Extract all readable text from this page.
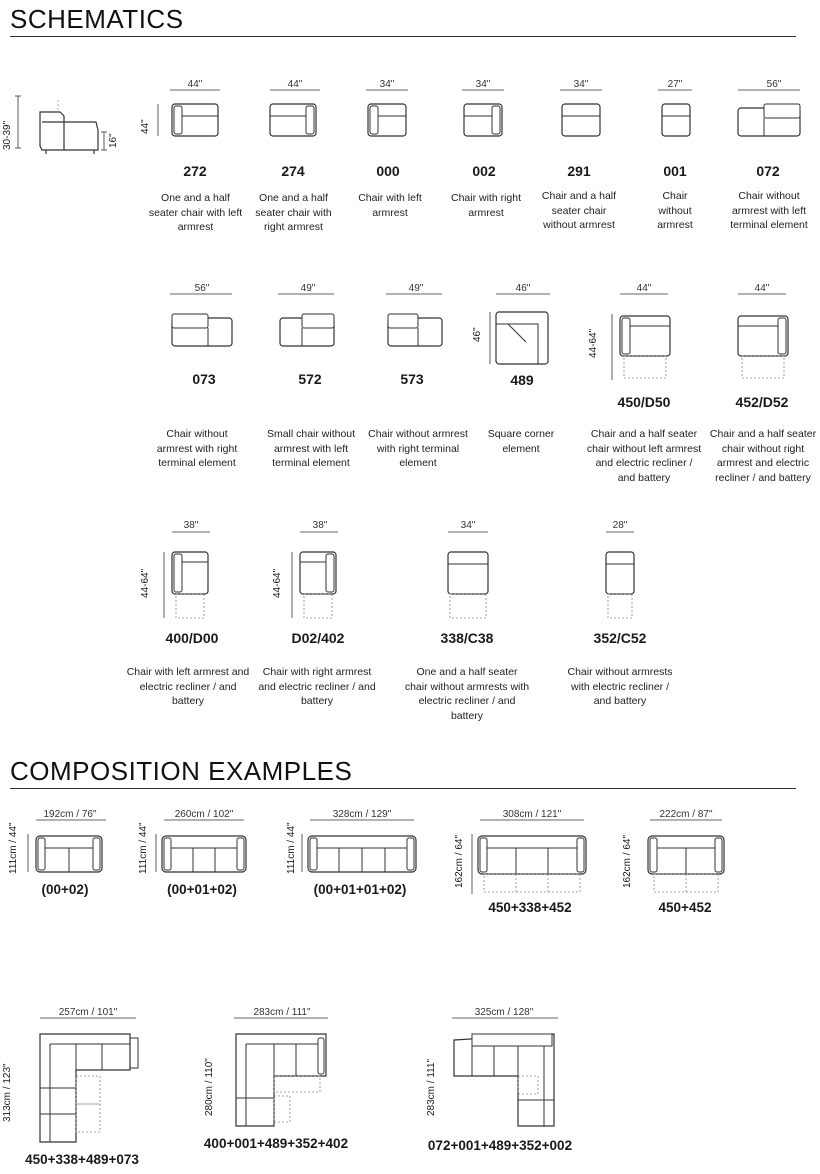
SCHEMATICS
COMPOSITION EXAMPLES
30-39"	16"
44"
44"
272
One and a half seater chair with left armrest
44"
274
One and a half seater chair with right armrest
34"
000
Chair with left armrest
34"
002
Chair with right armrest
34"
291
Chair and a half seater chair without armrest
27"
001
Chair without armrest
56"
072
Chair without armrest with left terminal element
56"
073
Chair without armrest with right terminal element
49"
572
Small chair without armrest with left terminal element
49"
573
Chair without armrest with right terminal element
46"
46"
489
Square corner element
44"
44-64"
450/D50
Chair and a half seater chair without left armrest and electric recliner / and battery
44"
452/D52
Chair and a half seater chair without right armrest and electric recliner / and battery
38"
44-64"
400/D00
Chair with left armrest and electric recliner / and battery
38"
44-64"
D02/402
Chair with right armrest and electric recliner / and battery
34"
338/C38
One and a half seater chair without armrests with electric recliner / and battery
28"
352/C52
Chair without armrests with electric recliner / and battery
192cm / 76"
111cm / 44"
(00+02)
260cm / 102"
111cm / 44"
(00+01+02)
328cm / 129"
111cm / 44"
(00+01+01+02)
308cm / 121"
162cm / 64"
450+338+452
222cm / 87"
162cm / 64"
450+452
257cm / 101"
313cm / 123"
450+338+489+073
283cm / 111"
280cm / 110"
400+001+489+352+402
325cm / 128"
283cm / 111"
072+001+489+352+002
